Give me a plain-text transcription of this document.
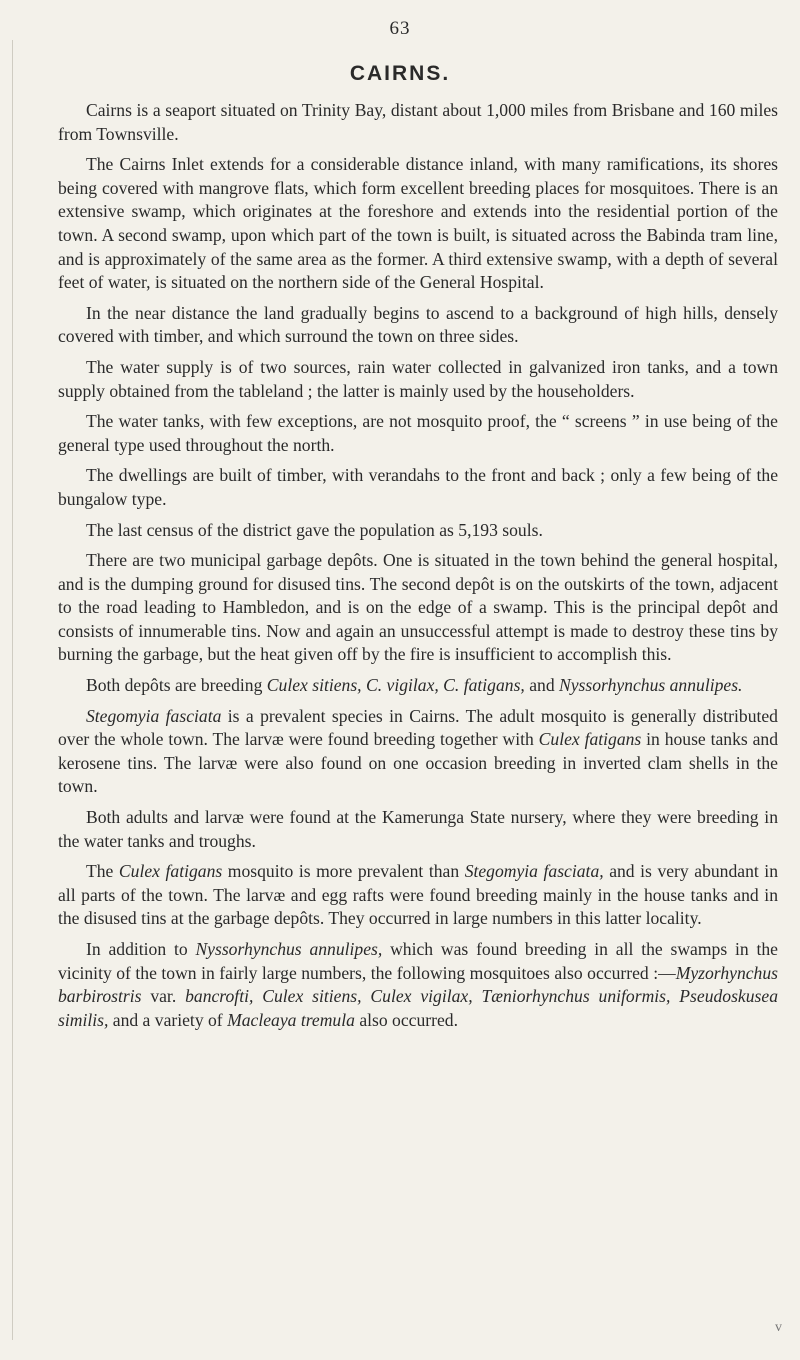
63
CAIRNS.

Cairns is a seaport situated on Trinity Bay, distant about 1,000 miles from Brisbane and 160 miles from Townsville.

The Cairns Inlet extends for a considerable distance inland, with many ramifications, its shores being covered with mangrove flats, which form excellent breeding places for mosquitoes. There is an extensive swamp, which originates at the foreshore and extends into the residential portion of the town. A second swamp, upon which part of the town is built, is situated across the Babinda tram line, and is approximately of the same area as the former. A third extensive swamp, with a depth of several feet of water, is situated on the northern side of the General Hospital.

In the near distance the land gradually begins to ascend to a background of high hills, densely covered with timber, and which surround the town on three sides.

The water supply is of two sources, rain water collected in galvanized iron tanks, and a town supply obtained from the tableland ; the latter is mainly used by the householders.

The water tanks, with few exceptions, are not mosquito proof, the “ screens ” in use being of the general type used throughout the north.

The dwellings are built of timber, with verandahs to the front and back ; only a few being of the bungalow type.

The last census of the district gave the population as 5,193 souls.

There are two municipal garbage depôts. One is situated in the town behind the general hospital, and is the dumping ground for disused tins. The second depôt is on the outskirts of the town, adjacent to the road leading to Hambledon, and is on the edge of a swamp. This is the principal depôt and consists of innumerable tins. Now and again an unsuccessful attempt is made to destroy these tins by burning the garbage, but the heat given off by the fire is insufficient to accomplish this.

Both depôts are breeding Culex sitiens, C. vigilax, C. fatigans, and Nyssorhynchus annulipes.

Stegomyia fasciata is a prevalent species in Cairns. The adult mosquito is generally distributed over the whole town. The larvæ were found breeding together with Culex fatigans in house tanks and kerosene tins. The larvæ were also found on one occasion breeding in inverted clam shells in the town.

Both adults and larvæ were found at the Kamerunga State nursery, where they were breeding in the water tanks and troughs.

The Culex fatigans mosquito is more prevalent than Stegomyia fasciata, and is very abundant in all parts of the town. The larvæ and egg rafts were found breeding mainly in the house tanks and in the disused tins at the garbage depôts. They occurred in large numbers in this latter locality.

In addition to Nyssorhynchus annulipes, which was found breeding in all the swamps in the vicinity of the town in fairly large numbers, the following mosquitoes also occurred :—Myzorhynchus barbirostris var. bancrofti, Culex sitiens, Culex vigilax, Tæniorhynchus uniformis, Pseudoskusea similis, and a variety of Macleaya tremula also occurred.

v
